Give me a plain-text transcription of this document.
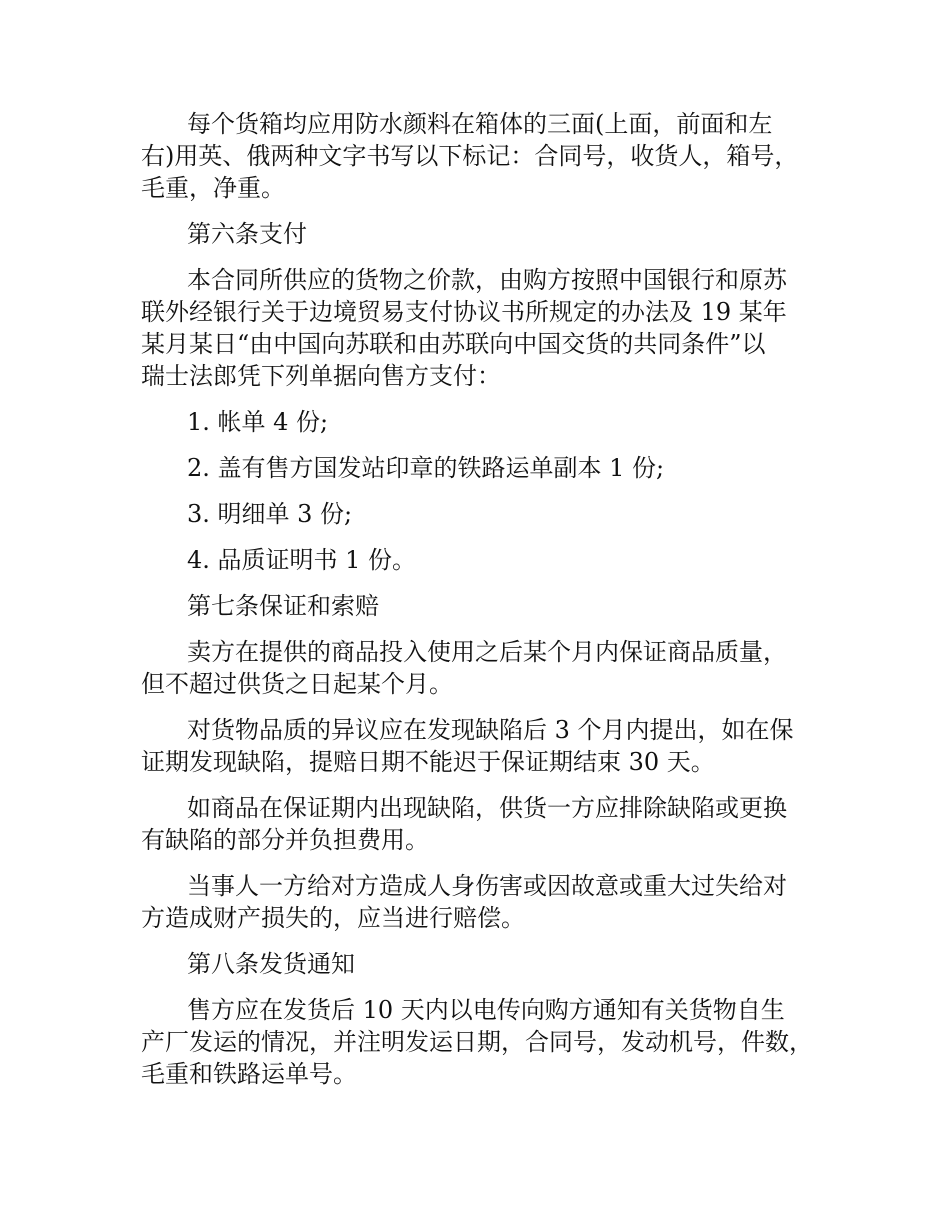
每个货箱均应用防水颜料在箱体的三面(上面，前面和左
右)用英、俄两种文字书写以下标记：合同号，收货人，箱号，
毛重，净重。

第六条支付

本合同所供应的货物之价款，由购方按照中国银行和原苏
联外经银行关于边境贸易支付协议书所规定的办法及 19 某年
某月某日“由中国向苏联和由苏联向中国交货的共同条件”以
瑞士法郎凭下列单据向售方支付：

1. 帐单 4 份;

2. 盖有售方国发站印章的铁路运单副本 1 份;

3. 明细单 3 份;

4. 品质证明书 1 份。

第七条保证和索赔

卖方在提供的商品投入使用之后某个月内保证商品质量，
但不超过供货之日起某个月。

对货物品质的异议应在发现缺陷后 3 个月内提出，如在保
证期发现缺陷，提赔日期不能迟于保证期结束 30 天。

如商品在保证期内出现缺陷，供货一方应排除缺陷或更换
有缺陷的部分并负担费用。

当事人一方给对方造成人身伤害或因故意或重大过失给对
方造成财产损失的，应当进行赔偿。

第八条发货通知

售方应在发货后 10 天内以电传向购方通知有关货物自生
产厂发运的情况，并注明发运日期，合同号，发动机号，件数，
毛重和铁路运单号。
